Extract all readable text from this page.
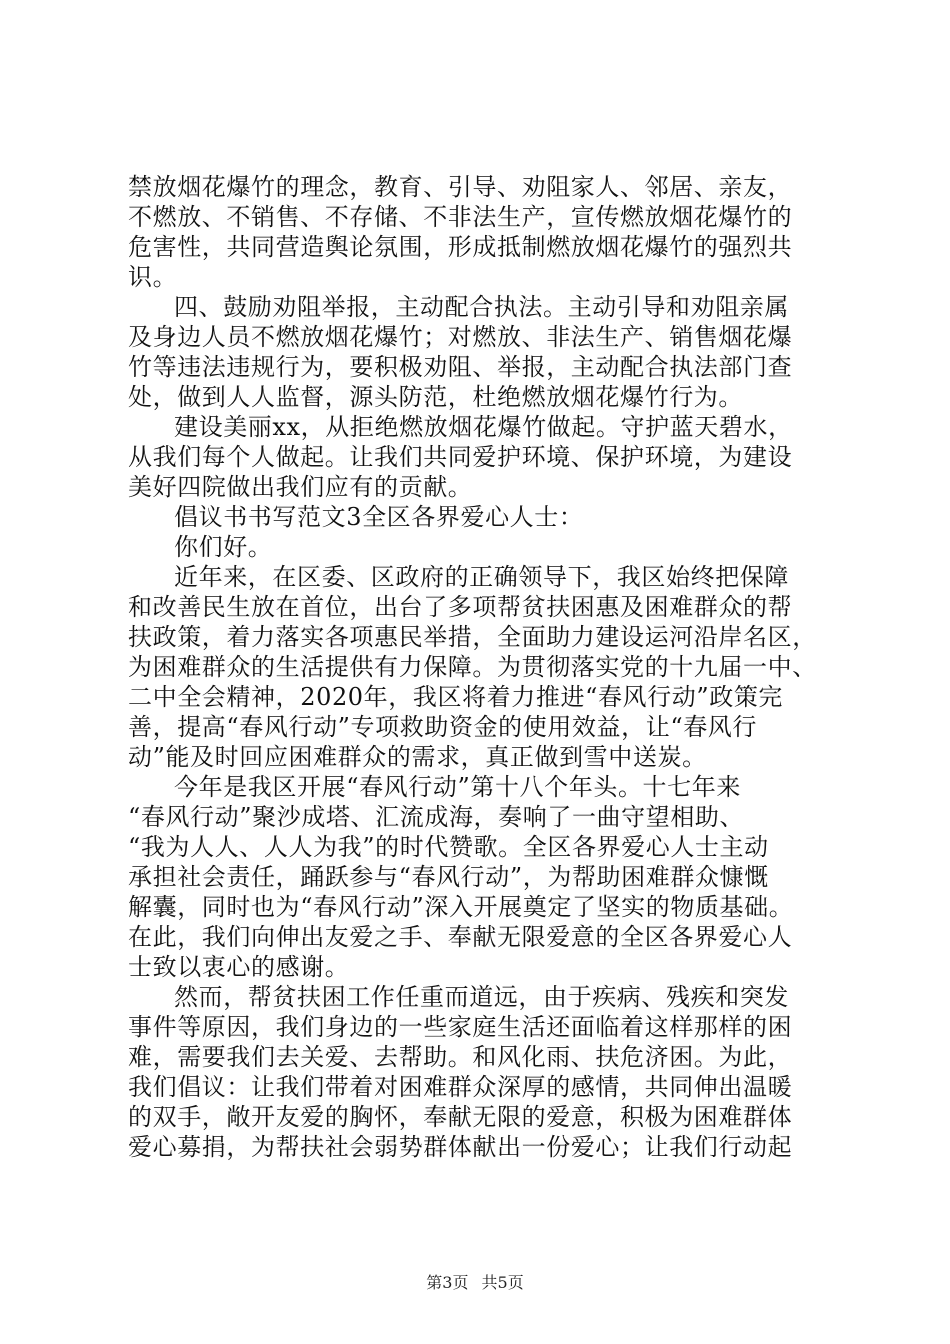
禁放烟花爆竹的理念，教育、引导、劝阻家人、邻居、亲友，
不燃放、不销售、不存储、不非法生产，宣传燃放烟花爆竹的
危害性，共同营造舆论氛围，形成抵制燃放烟花爆竹的强烈共
识。
四、鼓励劝阻举报，主动配合执法。主动引导和劝阻亲属
及身边人员不燃放烟花爆竹；对燃放、非法生产、销售烟花爆
竹等违法违规行为，要积极劝阻、举报，主动配合执法部门查
处，做到人人监督，源头防范，杜绝燃放烟花爆竹行为。
建设美丽xx，从拒绝燃放烟花爆竹做起。守护蓝天碧水，
从我们每个人做起。让我们共同爱护环境、保护环境，为建设
美好四院做出我们应有的贡献。
倡议书书写范文3全区各界爱心人士：
你们好。
近年来，在区委、区政府的正确领导下，我区始终把保障
和改善民生放在首位，出台了多项帮贫扶困惠及困难群众的帮
扶政策，着力落实各项惠民举措，全面助力建设运河沿岸名区，
为困难群众的生活提供有力保障。为贯彻落实党的十九届一中、
二中全会精神，2020年，我区将着力推进“春风行动”政策完
善，提高“春风行动”专项救助资金的使用效益，让“春风行
动”能及时回应困难群众的需求，真正做到雪中送炭。
今年是我区开展“春风行动”第十八个年头。十七年来
“春风行动”聚沙成塔、汇流成海，奏响了一曲守望相助、
“我为人人、人人为我”的时代赞歌。全区各界爱心人士主动
承担社会责任，踊跃参与“春风行动”，为帮助困难群众慷慨
解囊，同时也为“春风行动”深入开展奠定了坚实的物质基础。
在此，我们向伸出友爱之手、奉献无限爱意的全区各界爱心人
士致以衷心的感谢。
然而，帮贫扶困工作任重而道远，由于疾病、残疾和突发
事件等原因，我们身边的一些家庭生活还面临着这样那样的困
难，需要我们去关爱、去帮助。和风化雨、扶危济困。为此，
我们倡议：让我们带着对困难群众深厚的感情，共同伸出温暖
的双手，敞开友爱的胸怀，奉献无限的爱意，积极为困难群体
爱心募捐，为帮扶社会弱势群体献出一份爱心；让我们行动起
第3页 共5页
